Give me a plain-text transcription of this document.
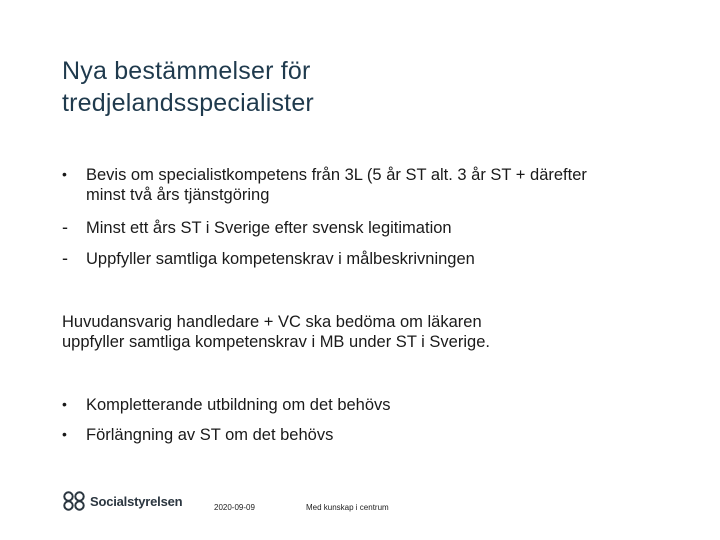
Nya bestämmelser för
tredjelandsspecialister
•	Bevis om specialistkompetens från 3L (5 år ST alt. 3 år ST + därefter minst två års tjänstgöring
-	Minst ett års ST i Sverige efter svensk legitimation
-	Uppfyller samtliga kompetenskrav i målbeskrivningen
Huvudansvarig handledare + VC ska bedöma om läkaren
uppfyller samtliga kompetenskrav i MB under ST i Sverige.
•	Kompletterande utbildning om det behövs
•	Förlängning av ST om det behövs
Socialstyrelsen	2020-09-09	Med kunskap i centrum
